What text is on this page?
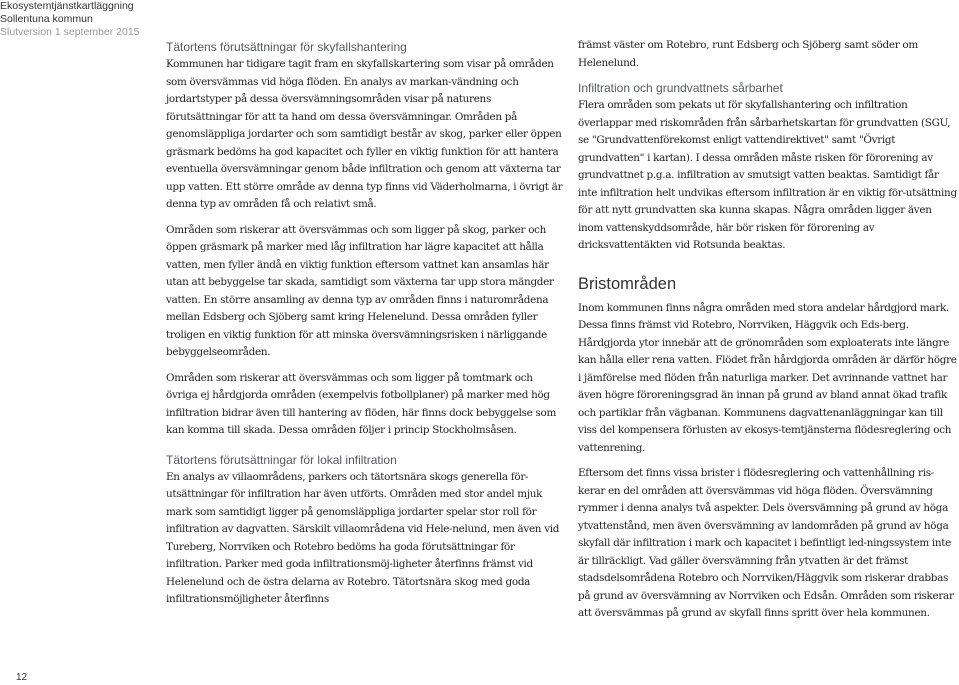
Ekosystemtjänstkartläggning
Sollentuna kommun
Slutversion 1 september 2015
Tätortens förutsättningar för skyfallshantering

Kommunen har tidigare tagit fram en skyfallskartering som visar på områden som översvämmas vid höga flöden. En analys av markan-vändning och jordartstyper på dessa översvämningsområden visar på naturens förutsättningar för att ta hand om dessa översvämningar. Områden på genomsläppliga jordarter och som samtidigt består av skog, parker eller öppen gräsmark bedöms ha god kapacitet och fyller en viktig funktion för att hantera eventuella översvämningar genom både infiltration och genom att växterna tar upp vatten. Ett större område av denna typ finns vid Väderholmarna, i övrigt är denna typ av områden få och relativt små.

Områden som riskerar att översvämmas och som ligger på skog, parker och öppen gräsmark på marker med låg infiltration har lägre kapacitet att hålla vatten, men fyller ändå en viktig funktion eftersom vattnet kan ansamlas här utan att bebyggelse tar skada, samtidigt som växterna tar upp stora mängder vatten. En större ansamling av denna typ av områden finns i naturområdena mellan Edsberg och Sjöberg samt kring Helenelund. Dessa områden fyller troligen en viktig funktion för att minska översvämningsrisken i närliggande bebyggelseområden.

Områden som riskerar att översvämmas och som ligger på tomtmark och övriga ej hårdgjorda områden (exempelvis fotbollplaner) på marker med hög infiltration bidrar även till hantering av flöden, här finns dock bebyggelse som kan komma till skada. Dessa områden följer i princip Stockholmsåsen.

Tätortens förutsättningar för lokal infiltration

En analys av villaområdens, parkers och tätortsnära skogs generella för-utsättningar för infiltration har även utförts. Områden med stor andel mjuk mark som samtidigt ligger på genomsläppliga jordarter spelar stor roll för infiltration av dagvatten. Särskilt villaområdena vid Hele-nelund, men även vid Tureberg, Norrviken och Rotebro bedöms ha goda förutsättningar för infiltration. Parker med goda infiltrationsmöj-ligheter återfinns främst vid Helenelund och de östra delarna av Rotebro. Tätortsnära skog med goda infiltrationsmöjligheter återfinns

främst väster om Rotebro, runt Edsberg och Sjöberg samt söder om Helenelund.

Infiltration och grundvattnets sårbarhet

Flera områden som pekats ut för skyfallshantering och infiltration överlappar med riskområden från sårbarhetskartan för grundvatten (SGU, se "Grundvattenförekomst enligt vattendirektivet" samt "Övrigt grundvatten" i kartan). I dessa områden måste risken för förorening av grundvattnet p.g.a. infiltration av smutsigt vatten beaktas. Samtidigt får inte infiltration helt undvikas eftersom infiltration är en viktig för-utsättning för att nytt grundvatten ska kunna skapas. Några områden ligger även inom vattenskyddsområde, här bör risken för förorening av dricksvattentäkten vid Rotsunda beaktas.

Bristområden

Inom kommunen finns några områden med stora andelar hårdgjord mark. Dessa finns främst vid Rotebro, Norrviken, Häggvik och Eds-berg. Hårdgjorda ytor innebär att de grönområden som exploaterats inte längre kan hålla eller rena vatten. Flödet från hårdgjorda områden är därför högre i jämförelse med flöden från naturliga marker. Det avrinnande vattnet har även högre föroreningsgrad än innan på grund av bland annat ökad trafik och partiklar från vägbanan. Kommunens dagvattenanläggningar kan till viss del kompensera förlusten av ekosys-temtjänsterna flödesreglering och vattenrening.

Eftersom det finns vissa brister i flödesreglering och vattenhållning ris-kerar en del områden att översvämmas vid höga flöden. Översvämning rymmer i denna analys två aspekter. Dels översvämning på grund av höga ytvattenstånd, men även översvämning av landområden på grund av höga skyfall där infiltration i mark och kapacitet i befintligt led-ningssystem inte är tillräckligt. Vad gäller översvämning från ytvatten är det främst stadsdelsområdena Rotebro och Norrviken/Häggvik som riskerar drabbas på grund av översvämning av Norrviken och Edsån. Områden som riskerar att översvämmas på grund av skyfall finns spritt över hela kommunen.

12
